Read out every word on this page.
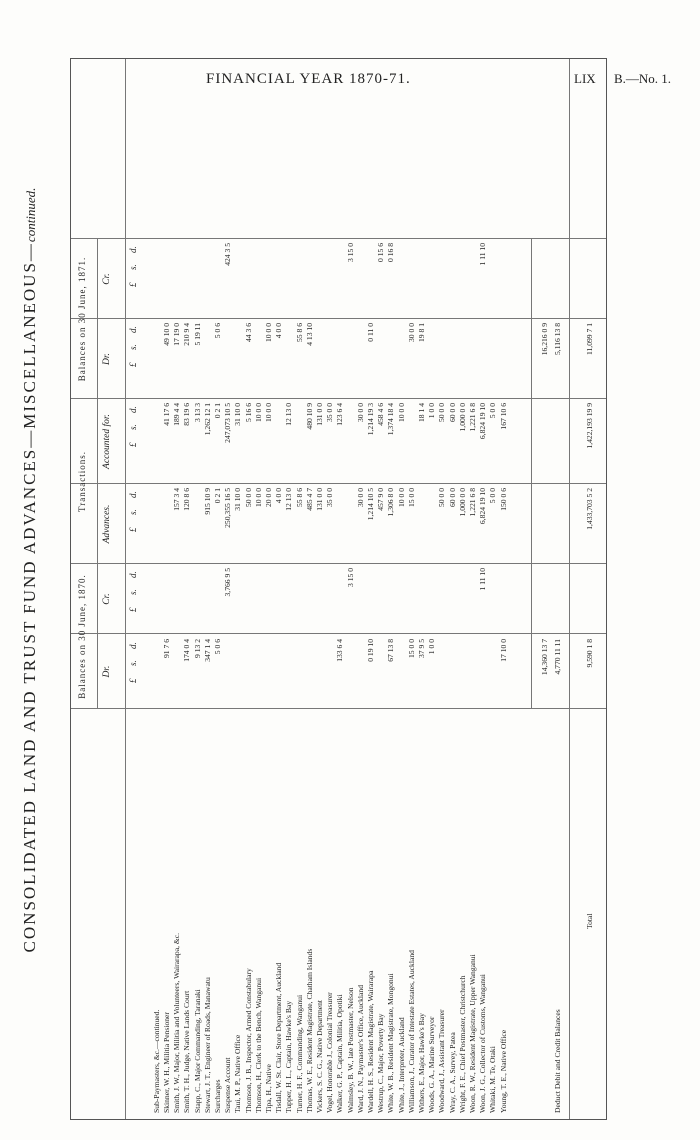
FINANCIAL YEAR 1870-71.	LIX B.—No. 1.
CONSOLIDATED LAND AND TRUST FUND ADVANCES—MISCELLANEOUS—continued.
Balances on 30 June, 1870.
Transactions.
Balances on 30 June, 1871.
Dr.
Cr.
Advances.
Accounted for.
Dr.
Cr.
£
s.
d.
£
s.
d.
£
s.
d.
£
s.
d.
£
s.
d.
£
s.
d.
Sub-Paymasters, &c.—continued. Skinner, W. H., Militia Pensioner
91 7 6
41 17 6
49 10 0
Smith, J. W., Major, Militia and Volunteers, Wairarapa, &c.
157 3 4
189 4 4
17 19 0
Smith, T. H., Judge, Native Lands Court
174 0 4
120 8 6
83 19 6
210 9 4
Stapp, C., Major Commanding, Taranaki
9 13 2
3 13 3
5 19 11
Stewart, J. T., Engineer of Roads, Manawatu
347 1 4
915 10 9
1,262 12 1
Surcharges
5 0 6
0 2 1
0 2 1
5 0 6
Suspense Account
3,766 9 5
250,355 16 5
247,073 10 5
424 3 5
Taui, M. P., Native Office
31 10 0
31 10 0
Thomson, J. B., Inspector, Armed Constabulary
50 0 0
5 16 6
44 3 6
Thomson, H., Clerk to the Bench, Wanganui
10 0 0
10 0 0
Tipa, H., Native
20 0 0
10 0 0
10 0 0
Tisdall, W. St. Clair, Store Department, Auckland
4 0 0
4 0 0
Tupper, H. L., Captain, Hawke's Bay
12 13 0
12 13 0
Turner, H. F., Commanding, Wanganui
55 8 6
55 8 6
Thomas, W. E., Resident Magistrate, Chatham Islands
485 4 7
480 10 9
4 13 10
Vickers, S. C. G., Native Department
131 0 0
131 0 0
Vogel, Honorable J., Colonial Treasurer
35 0 0
35 0 0
Walker, G. P., Captain, Militia, Opotiki
133 6 4
123 6 4
Walmsley, B. W., late Postmaster, Nelson
3 15 0
3 15 0
Ward, J. N., Paymaster's Office, Auckland
30 0 0
30 0 0
Wardell, H. S., Resident Magistrate, Wairarapa
0 19 10
1,214 10 5
1,214 19 3
0 11 0
Westrup, C., Major, Poverty Bay
457 9 0
458 4 6
0 15 6
White, W. B., Resident Magistrate, Mongonui
67 13 8
1,306 8 0
1,374 18 4
0 16 8
White, J., Interpreter, Auckland
10 0 0
10 0 0
Williamson, J., Curator of Intestate Estates, Auckland
15 0 0
15 0 0
30 0 0
Withers, E., Major, Hawke's Bay
37 9 5
18 1 4
19 8 1
Woods, G. A., Marine Surveyor
1 0 0
1 0 0
Woodward, J., Assistant Treasurer
50 0 0
50 0 0
Wray, C. A., Survey, Patea
60 0 0
60 0 0
Wright, F. E., Chief Postmaster, Christchurch
1,000 0 0
1,000 0 0
Woon, R. W., Resident Magistrate, Upper Wanganui
1,221 6 8
1,221 6 8
Woon, J. G., Collector of Customs, Wanganui
1 11 10
6,824 19 10
6,824 19 10
1 11 10
Whitaki, M. Te, Otaki
5 0 0
5 0 0
Young, T. E., Native Office
17 10 0
150 0 6
167 10 6
14,360 13 7
16,216 0 9
Deduct Debit and Credit Balances
4,770 11 11
5,116 13 8
9,590 1 8
1,433,703 5 2
1,422,193 19 9
11,099 7 1
Total
